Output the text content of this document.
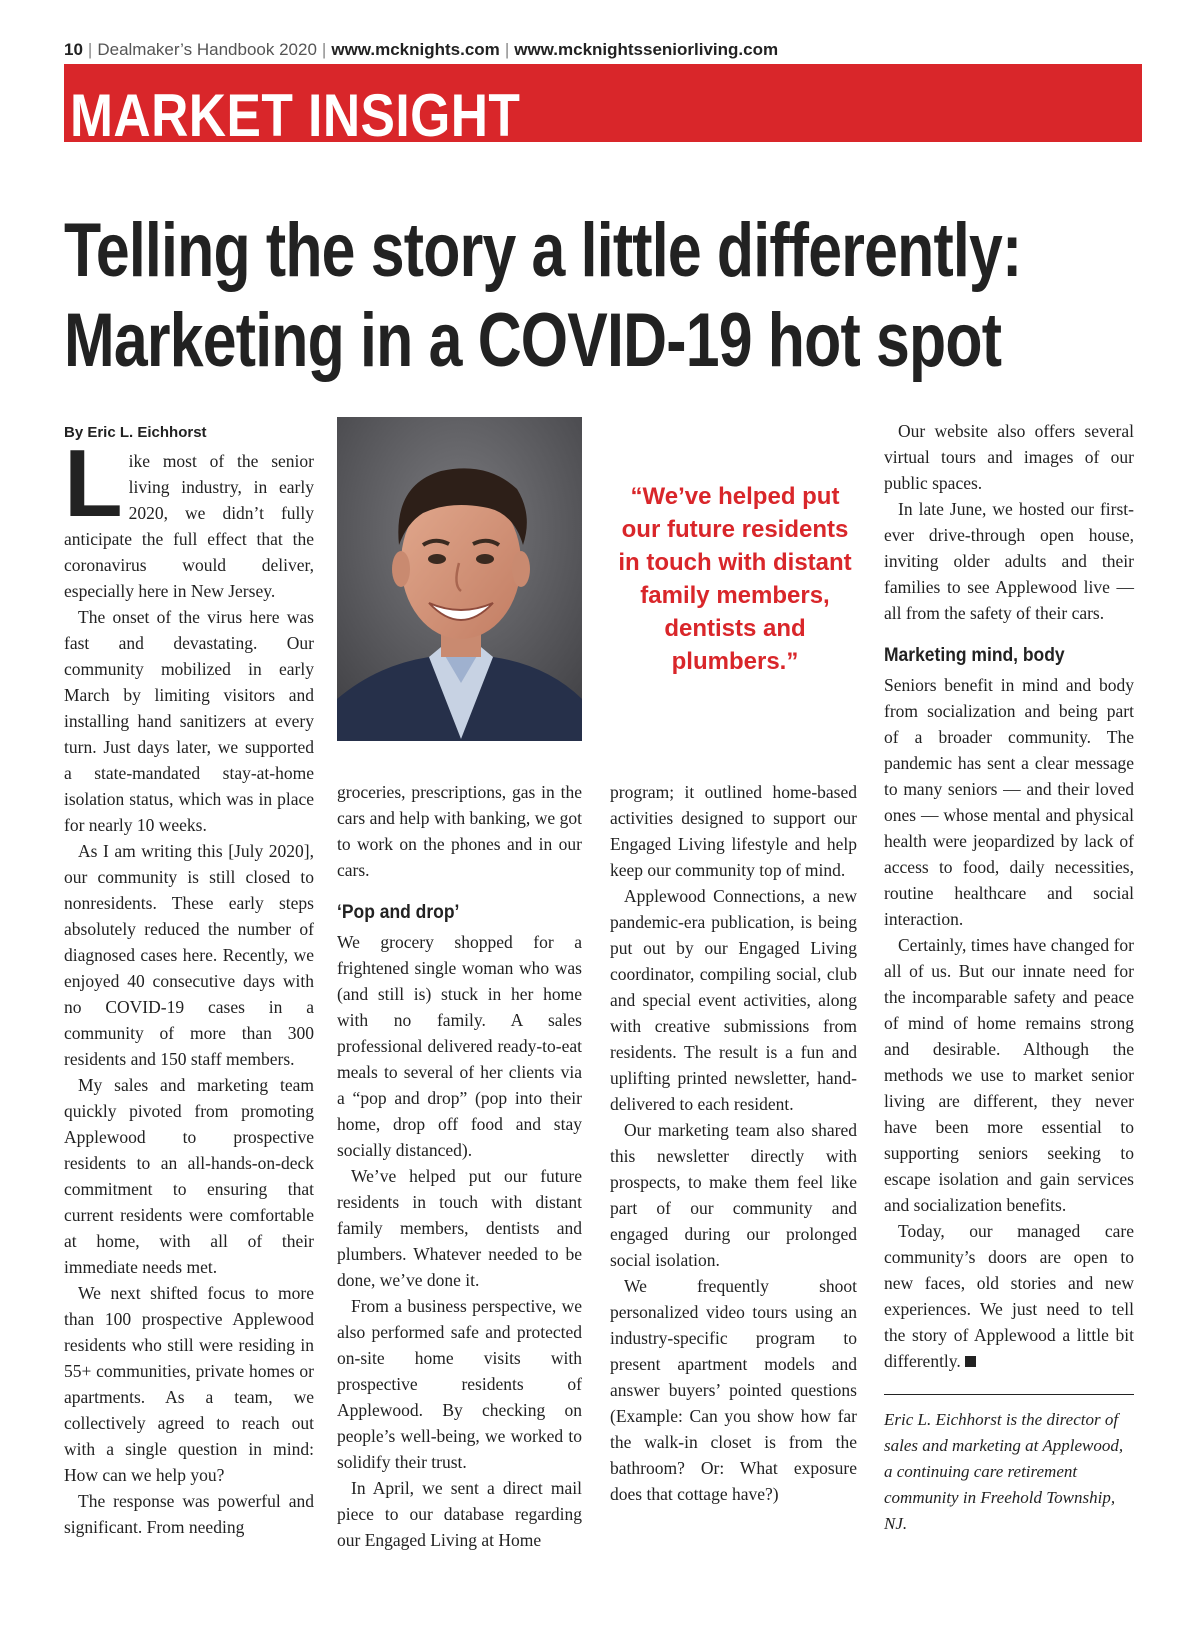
10 | Dealmaker’s Handbook 2020 | www.mcknights.com | www.mcknightsseniorliving.com
MARKET INSIGHT
Telling the story a little differently:
Marketing in a COVID-19 hot spot
By Eric L. Eichhorst

Like most of the senior living industry, in early 2020, we didn’t fully anticipate the full effect that the coronavirus would deliver, especially here in New Jersey.

The onset of the virus here was fast and devastating. Our community mobilized in early March by limiting visitors and installing hand sanitizers at every turn. Just days later, we supported a state-mandated stay-at-home isolation status, which was in place for nearly 10 weeks.

As I am writing this [July 2020], our community is still closed to nonresidents. These early steps absolutely reduced the number of diagnosed cases here. Recently, we enjoyed 40 consecutive days with no COVID-19 cases in a community of more than 300 residents and 150 staff members.

My sales and marketing team quickly pivoted from promoting Applewood to prospective residents to an all-hands-on-deck commitment to ensuring that current residents were comfortable at home, with all of their immediate needs met.

We next shifted focus to more than 100 prospective Applewood residents who still were residing in 55+ communities, private homes or apartments. As a team, we collectively agreed to reach out with a single question in mind: How can we help you?

The response was powerful and significant. From needing

“We’ve helped put our future residents in touch with distant family members, dentists and plumbers.”

groceries, prescriptions, gas in the cars and help with banking, we got to work on the phones and in our cars.

‘Pop and drop’

We grocery shopped for a frightened single woman who was (and still is) stuck in her home with no family. A sales professional delivered ready-to-eat meals to several of her clients via a “pop and drop” (pop into their home, drop off food and stay socially distanced).

We’ve helped put our future residents in touch with distant family members, dentists and plumbers. Whatever needed to be done, we’ve done it.

From a business perspective, we also performed safe and protected on-site home visits with prospective residents of Applewood. By checking on people’s well-being, we worked to solidify their trust.

In April, we sent a direct mail piece to our database regarding our Engaged Living at Home

program; it outlined home-based activities designed to support our Engaged Living lifestyle and help keep our community top of mind.

Applewood Connections, a new pandemic-era publication, is being put out by our Engaged Living coordinator, compiling social, club and special event activities, along with creative submissions from residents. The result is a fun and uplifting printed newsletter, hand-delivered to each resident.

Our marketing team also shared this newsletter directly with prospects, to make them feel like part of our community and engaged during our prolonged social isolation.

We frequently shoot personalized video tours using an industry-specific program to present apartment models and answer buyers’ pointed questions (Example: Can you show how far the walk-in closet is from the bathroom? Or: What exposure does that cottage have?)

Our website also offers several virtual tours and images of our public spaces.

In late June, we hosted our first-ever drive-through open house, inviting older adults and their families to see Applewood live — all from the safety of their cars.

Marketing mind, body

Seniors benefit in mind and body from socialization and being part of a broader community. The pandemic has sent a clear message to many seniors — and their loved ones — whose mental and physical health were jeopardized by lack of access to food, daily necessities, routine healthcare and social interaction.

Certainly, times have changed for all of us. But our innate need for the incomparable safety and peace of mind of home remains strong and desirable. Although the methods we use to market senior living are different, they never have been more essential to supporting seniors seeking to escape isolation and gain services and socialization benefits.

Today, our managed care community’s doors are open to new faces, old stories and new experiences. We just need to tell the story of Applewood a little bit differently.

Eric L. Eichhorst is the director of sales and marketing at Applewood, a continuing care retirement community in Freehold Township, NJ.
